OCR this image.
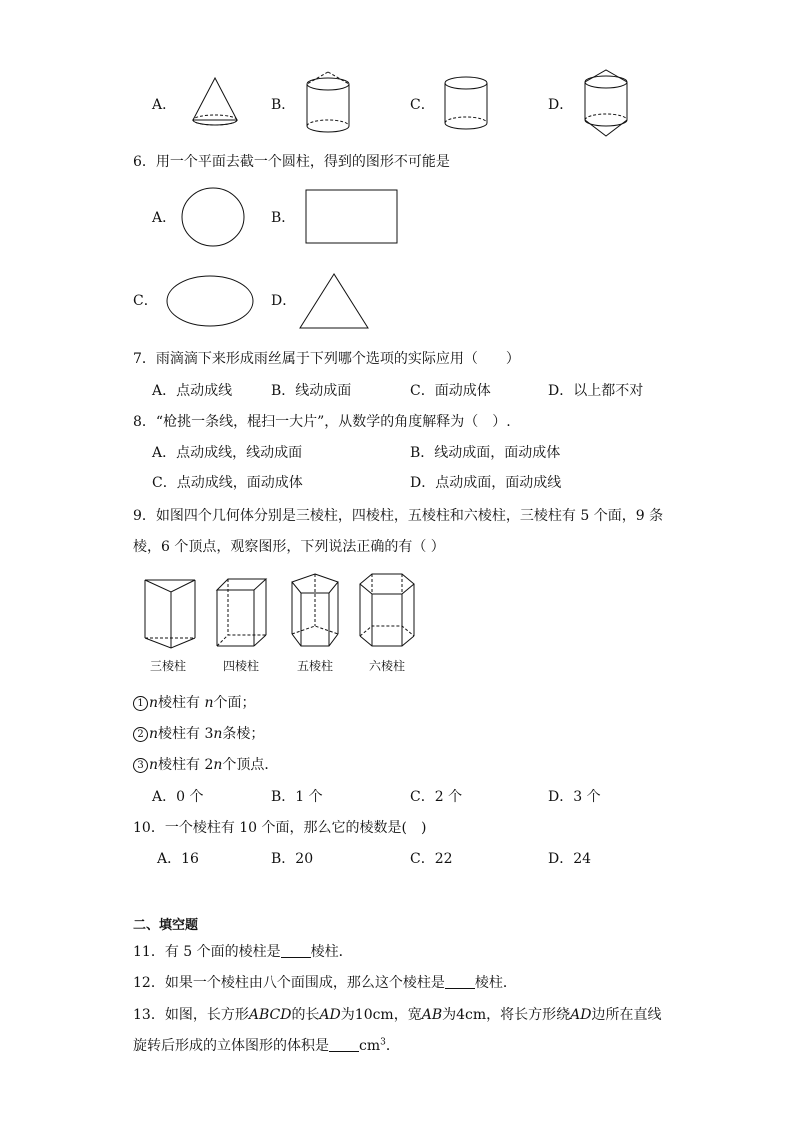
A．	B．	C．	D．
6．用一个平面去截一个圆柱，得到的图形不可能是
A．	B．
C．	D．
7．雨滴滴下来形成雨丝属于下列哪个选项的实际应用（　　）
A．点动成线	B．线动成面	C．面动成体	D．以上都不对
8．“枪挑一条线，棍扫一大片”，从数学的角度解释为（　）.
A．点动成线，线动成面	B．线动成面，面动成体
C．点动成线，面动成体	D．点动成面，面动成线
9．如图四个几何体分别是三棱柱，四棱柱，五棱柱和六棱柱，三棱柱有 5 个面，9 条
棱，6 个顶点，观察图形，下列说法正确的有（ ）
三棱柱	四棱柱	五棱柱	六棱柱
1 n棱柱有 n个面；
2 n棱柱有 3n条棱；
3 n棱柱有 2n个顶点．
A．0 个	B．1 个	C．2 个	D．3 个
10．一个棱柱有 10 个面，那么它的棱数是(　)
A．16	B．20	C．22	D．24
二、填空题
11．有 5 个面的棱柱是 棱柱．
12．如果一个棱柱由八个面围成，那么这个棱柱是 棱柱．
13．如图，长方形ABCD的长AD为10cm，宽AB为4cm，将长方形绕AD边所在直线
旋转后形成的立体图形的体积是 $cm^3$．
